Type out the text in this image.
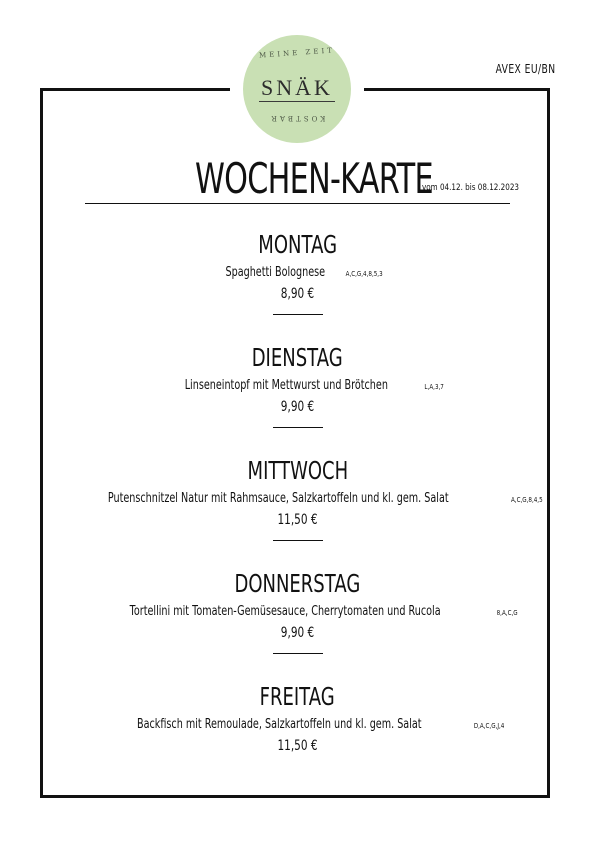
MEINE ZEIT
SNÄK
KOSTBAR
AVEX EU/BN
WOCHEN-KARTE
vom 04.12. bis 08.12.2023
MONTAG
Spaghetti Bolognese	A,C,G,4,8,5,3
8,90 €
DIENSTAG
Linseneintopf mit Mettwurst und Brötchen	L,A,3,7
9,90 €
MITTWOCH
Putenschnitzel Natur mit Rahmsauce, Salzkartoffeln und kl. gem. Salat	A,C,G,8,4,5
11,50 €
DONNERSTAG
Tortellini mit Tomaten-Gemüsesauce, Cherrytomaten und Rucola	8,A,C,G
9,90 €
FREITAG
Backfisch mit Remoulade, Salzkartoffeln und kl. gem. Salat	D,A,C,G,J,4
11,50 €
